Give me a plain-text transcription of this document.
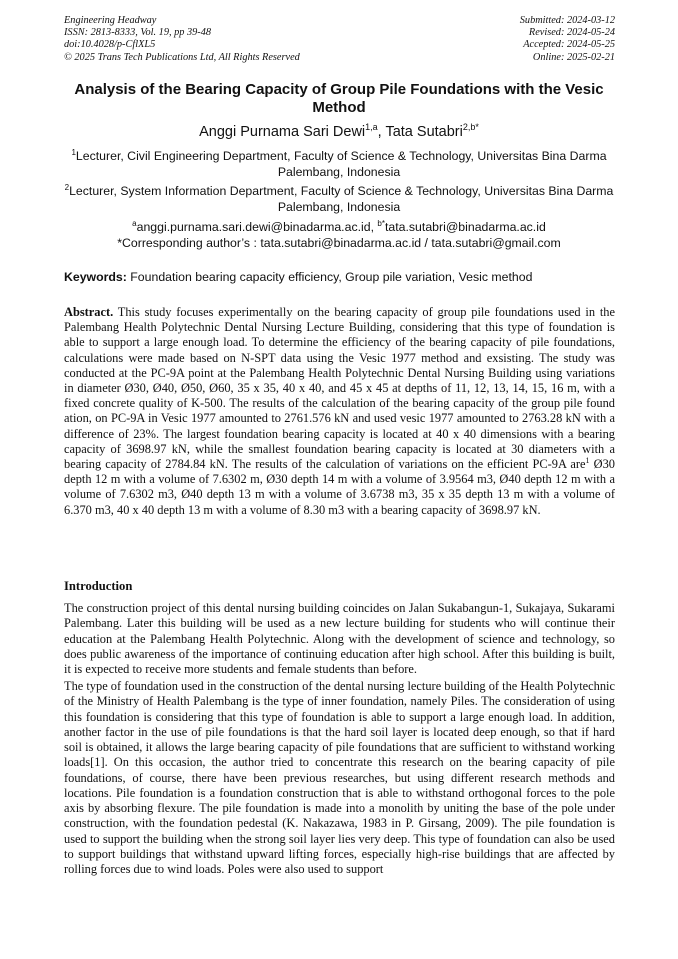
Engineering Headway
ISSN: 2813-8333, Vol. 19, pp 39-48
doi:10.4028/p-CflXL5
© 2025 Trans Tech Publications Ltd, All Rights Reserved
Submitted: 2024-03-12
Revised: 2024-05-24
Accepted: 2024-05-25
Online: 2025-02-21
Analysis of the Bearing Capacity of Group Pile Foundations with the Vesic Method
Anggi Purnama Sari Dewi$^{1,a}$, Tata Sutabri$^{2,b*}$
$^1$Lecturer, Civil Engineering Department, Faculty of Science & Technology, Universitas Bina Darma Palembang, Indonesia
$^2$Lecturer, System Information Department, Faculty of Science & Technology, Universitas Bina Darma Palembang, Indonesia
$^a$anggi.purnama.sari.dewi@binadarma.ac.id, $^{b*}$tata.sutabri@binadarma.ac.id
*Corresponding author’s : tata.sutabri@binadarma.ac.id / tata.sutabri@gmail.com
Keywords: Foundation bearing capacity efficiency, Group pile variation, Vesic method
Abstract. This study focuses experimentally on the bearing capacity of group pile foundations used in the Palembang Health Polytechnic Dental Nursing Lecture Building, considering that this type of foundation is able to support a large enough load. To determine the efficiency of the bearing capacity of pile foundations, calculations were made based on N-SPT data using the Vesic 1977 method and exsisting. The study was conducted at the PC-9A point at the Palembang Health Polytechnic Dental Nursing Building using variations in diameter Ø30, Ø40, Ø50, Ø60, 35 x 35, 40 x 40, and 45 x 45 at depths of 11, 12, 13, 14, 15, 16 m, with a fixed concrete quality of K-500. The results of the calculation of the bearing capacity of the group pile found ation, on PC-9A in Vesic 1977 amounted to 2761.576 kN and used vesic 1977 amounted to 2763.28 kN with a difference of 23%. The largest foundation bearing capacity is located at 40 x 40 dimensions with a bearing capacity of 3698.97 kN, while the smallest foundation bearing capacity is located at 30 diameters with a bearing capacity of 2784.84 kN. The results of the calculation of variations on the efficient PC-9A are$^1$ Ø30 depth 12 m with a volume of 7.6302 m, Ø30 depth 14 m with a volume of 3.9564 m3, Ø40 depth 12 m with a volume of 7.6302 m3, Ø40 depth 13 m with a volume of 3.6738 m3, 35 x 35 depth 13 m with a volume of 6.370 m3, 40 x 40 depth 13 m with a volume of 8.30 m3 with a bearing capacity of 3698.97 kN.
Introduction
The construction project of this dental nursing building coincides on Jalan Sukabangun-1, Sukajaya, Sukarami Palembang. Later this building will be used as a new lecture building for students who will continue their education at the Palembang Health Polytechnic. Along with the development of science and technology, so does public awareness of the importance of continuing education after high school. After this building is built, it is expected to receive more students and female students than before.
The type of foundation used in the construction of the dental nursing lecture building of the Health Polytechnic of the Ministry of Health Palembang is the type of inner foundation, namely Piles. The consideration of using this foundation is considering that this type of foundation is able to support a large enough load. In addition, another factor in the use of pile foundations is that the hard soil layer is located deep enough, so that if hard soil is obtained, it allows the large bearing capacity of pile foundations that are sufficient to withstand working loads[1]. On this occasion, the author tried to concentrate this research on the bearing capacity of pile foundations, of course, there have been previous researches, but using different research methods and locations. Pile foundation is a foundation construction that is able to withstand orthogonal forces to the pole axis by absorbing flexure. The pile foundation is made into a monolith by uniting the base of the pole under construction, with the foundation pedestal (K. Nakazawa, 1983 in P. Girsang, 2009). The pile foundation is used to support the building when the strong soil layer lies very deep. This type of foundation can also be used to support buildings that withstand upward lifting forces, especially high-rise buildings that are affected by rolling forces due to wind loads. Poles were also used to support
